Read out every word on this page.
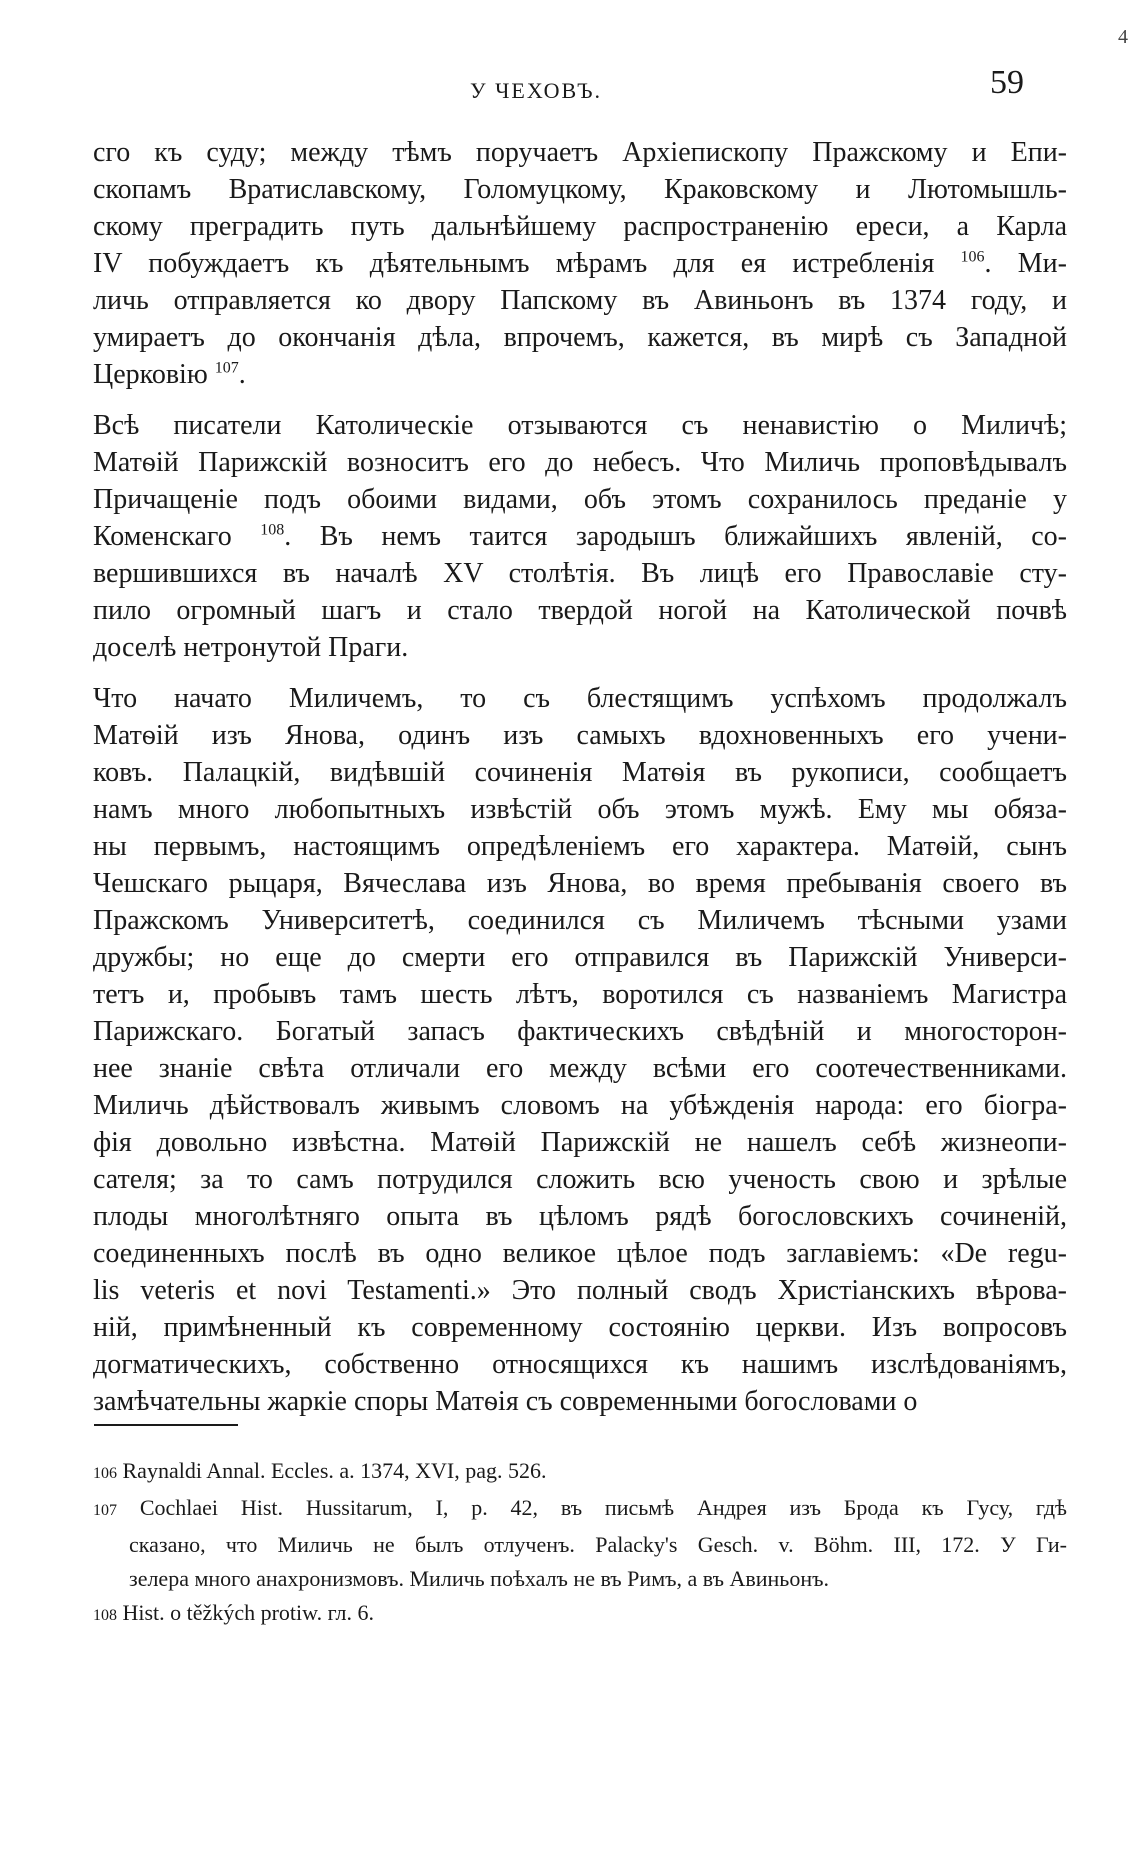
4
У ЧЕХОВЪ.	59
сго къ суду; между тѣмъ поручаетъ Архіепископу Пражскому и Епи-
скопамъ Вратиславскому, Голомуцкому, Краковскому и Лютомышль-
скому преградить путь дальнѣйшему распространенію ереси, а Карла
IV побуждаетъ къ дѣятельнымъ мѣрамъ для ея истребленія $^{106}$. Ми-
личь отправляется ко двору Папскому въ Авиньонъ въ 1374 году, и
умираетъ до окончанія дѣла, впрочемъ, кажется, въ мирѣ съ Западной
Церковію $^{107}$.
Всѣ писатели Католическіе отзываются съ ненавистію о Миличѣ;
Матѳій Парижскій возноситъ его до небесъ. Что Миличь проповѣдывалъ
Причащеніе подъ обоими видами, объ этомъ сохранилось преданіе у
Коменскаго $^{108}$. Въ немъ таится зародышъ ближайшихъ явленій, со-
вершившихся въ началѣ XV столѣтія. Въ лицѣ его Православіе сту-
пило огромный шагъ и стало твердой ногой на Католической почвѣ
доселѣ нетронутой Праги.
Что начато Миличемъ, то съ блестящимъ успѣхомъ продолжалъ
Матѳій изъ Янова, одинъ изъ самыхъ вдохновенныхъ его учени-
ковъ. Палацкій, видѣвшій сочиненія Матѳія въ рукописи, сообщаетъ
намъ много любопытныхъ извѣстій объ этомъ мужѣ. Ему мы обяза-
ны первымъ, настоящимъ опредѣленіемъ его характера. Матѳій, сынъ
Чешскаго рыцаря, Вячеслава изъ Янова, во время пребыванія своего въ
Пражскомъ Университетѣ, соединился съ Миличемъ тѣсными узами
дружбы; но еще до смерти его отправился въ Парижскій Универси-
тетъ и, пробывъ тамъ шесть лѣтъ, воротился съ названіемъ Магистра
Парижскаго. Богатый запасъ фактическихъ свѣдѣній и многосторон-
нее знаніе свѣта отличали его между всѣми его соотечественниками.
Миличь дѣйствовалъ живымъ словомъ на убѣжденія народа: его біогра-
фія довольно извѣстна. Матѳій Парижскій не нашелъ себѣ жизнеопи-
сателя; за то самъ потрудился сложить всю ученость свою и зрѣлые
плоды многолѣтняго опыта въ цѣломъ рядѣ богословскихъ сочиненій,
соединенныхъ послѣ въ одно великое цѣлое подъ заглавіемъ: «De regu-
lis veteris et novi Testamenti.» Это полный сводъ Христіанскихъ вѣрова-
ній, примѣненный къ современному состоянію церкви. Изъ вопросовъ
догматическихъ, собственно относящихся къ нашимъ изслѣдованіямъ,
замѣчательны жаркіе споры Матѳія съ современными богословами о
106 Raynaldi Annal. Eccles. a. 1374, XVI, pag. 526.
107 Cochlaei Hist. Hussitarum, I, p. 42, въ письмѣ Андрея изъ Брода къ Гусу, гдѣ
сказано, что Миличь не былъ отлученъ. Palacky's Gesch. v. Böhm. III, 172. У Ги-
зелера много анахронизмовъ. Миличь поѣхалъ не въ Римъ, а въ Авиньонъ.
108 Hist. o těžkých protiw. гл. 6.
